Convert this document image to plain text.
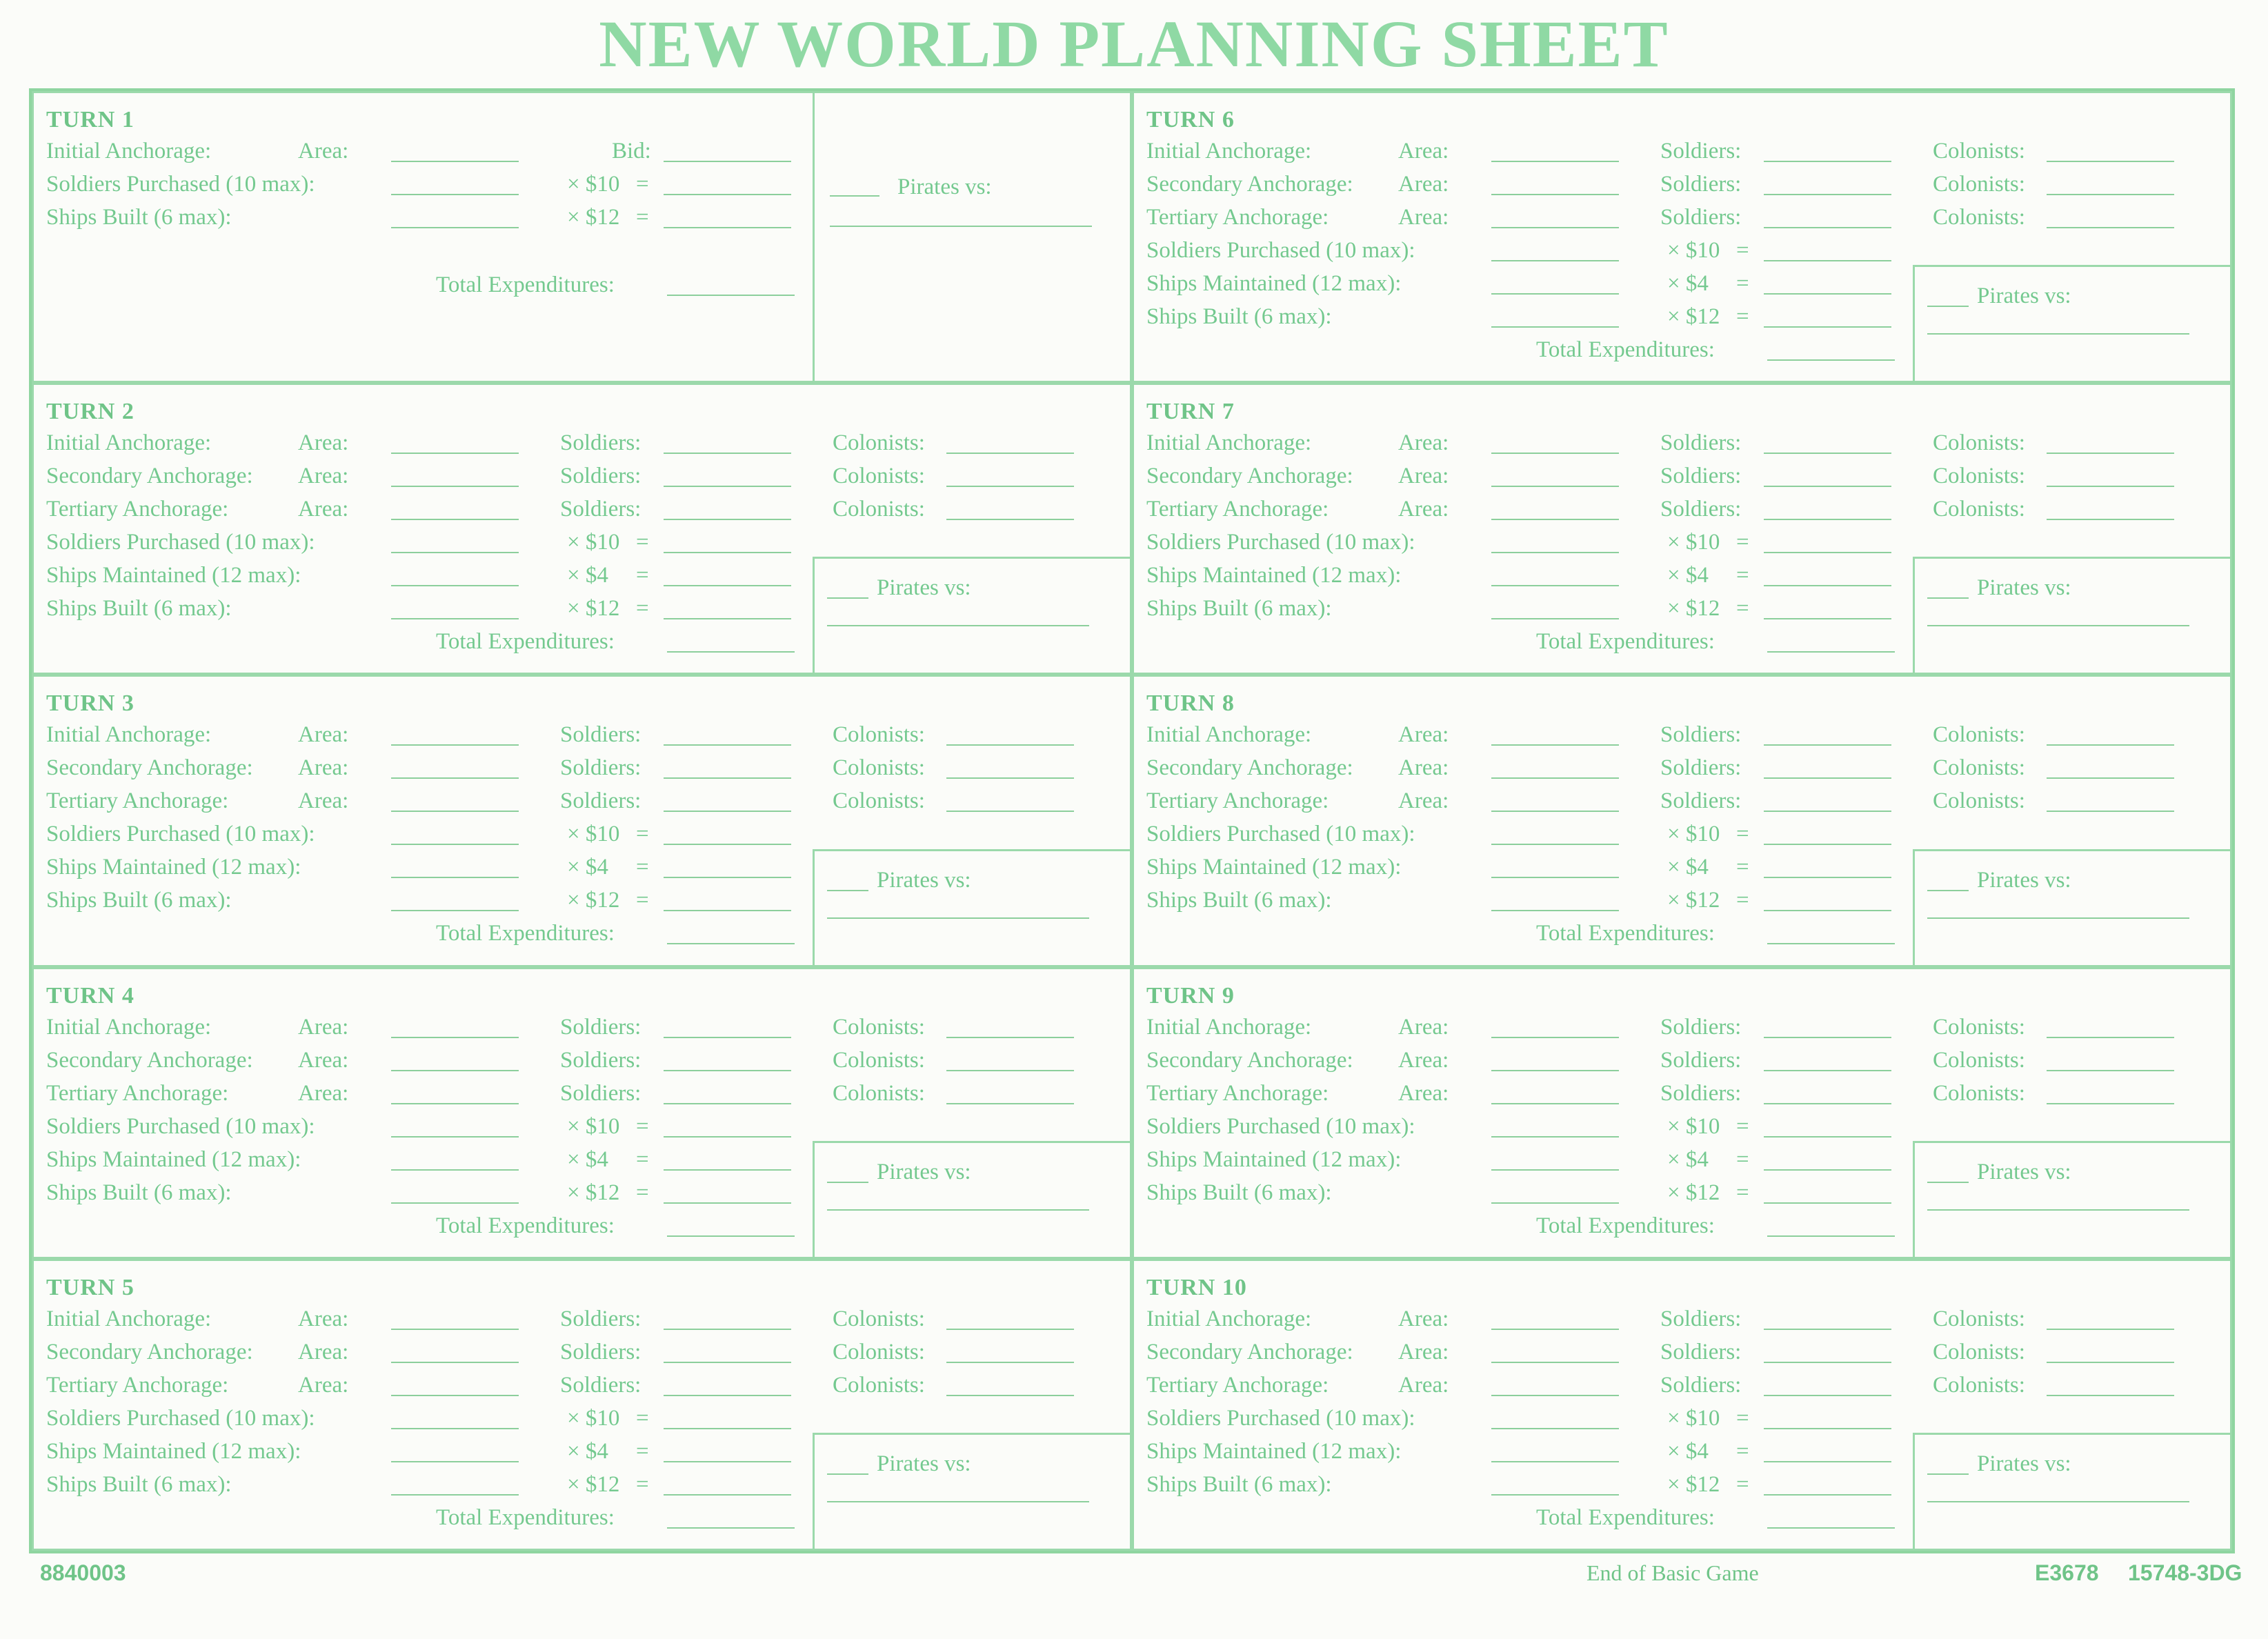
NEW WORLD PLANNING SHEET
TURN 1
Initial Anchorage:	Area:	Bid:
Soldiers Purchased (10 max):	× $10 =
Ships Built (6 max):	× $12 =
Total Expenditures:
Pirates vs:
TURN 6
Initial Anchorage:	Area:	Soldiers:	Colonists:
Secondary Anchorage: Area:	Soldiers:	Colonists:
Tertiary Anchorage:	Area:	Soldiers:	Colonists:
Soldiers Purchased (10 max):	× $10 =
Ships Maintained (12 max):	× $4 =
Ships Built (6 max):	× $12 =
Total Expenditures:
Pirates vs:
TURN 2
Initial Anchorage:	Area:	Soldiers:	Colonists:
Secondary Anchorage: Area:	Soldiers:	Colonists:
Tertiary Anchorage:	Area:	Soldiers:	Colonists:
Soldiers Purchased (10 max):	× $10 =
Ships Maintained (12 max):	× $4 =
Ships Built (6 max):	× $12 =
Total Expenditures:
Pirates vs:
TURN 7
Initial Anchorage:	Area:	Soldiers:	Colonists:
Secondary Anchorage: Area:	Soldiers:	Colonists:
Tertiary Anchorage:	Area:	Soldiers:	Colonists:
Soldiers Purchased (10 max):	× $10 =
Ships Maintained (12 max):	× $4 =
Ships Built (6 max):	× $12 =
Total Expenditures:
Pirates vs:
TURN 3
Initial Anchorage:	Area:	Soldiers:	Colonists:
Secondary Anchorage: Area:	Soldiers:	Colonists:
Tertiary Anchorage:	Area:	Soldiers:	Colonists:
Soldiers Purchased (10 max):	× $10 =
Ships Maintained (12 max):	× $4 =
Ships Built (6 max):	× $12 =
Total Expenditures:
Pirates vs:
TURN 8
Initial Anchorage:	Area:	Soldiers:	Colonists:
Secondary Anchorage: Area:	Soldiers:	Colonists:
Tertiary Anchorage:	Area:	Soldiers:	Colonists:
Soldiers Purchased (10 max):	× $10 =
Ships Maintained (12 max):	× $4 =
Ships Built (6 max):	× $12 =
Total Expenditures:
Pirates vs:
TURN 4
Initial Anchorage:	Area:	Soldiers:	Colonists:
Secondary Anchorage: Area:	Soldiers:	Colonists:
Tertiary Anchorage:	Area:	Soldiers:	Colonists:
Soldiers Purchased (10 max):	× $10 =
Ships Maintained (12 max):	× $4 =
Ships Built (6 max):	× $12 =
Total Expenditures:
Pirates vs:
TURN 9
Initial Anchorage:	Area:	Soldiers:	Colonists:
Secondary Anchorage: Area:	Soldiers:	Colonists:
Tertiary Anchorage:	Area:	Soldiers:	Colonists:
Soldiers Purchased (10 max):	× $10 =
Ships Maintained (12 max):	× $4 =
Ships Built (6 max):	× $12 =
Total Expenditures:
Pirates vs:
TURN 5
Initial Anchorage:	Area:	Soldiers:	Colonists:
Secondary Anchorage: Area:	Soldiers:	Colonists:
Tertiary Anchorage:	Area:	Soldiers:	Colonists:
Soldiers Purchased (10 max):	× $10 =
Ships Maintained (12 max):	× $4 =
Ships Built (6 max):	× $12 =
Total Expenditures:
Pirates vs:
TURN 10
Initial Anchorage:	Area:	Soldiers:	Colonists:
Secondary Anchorage: Area:	Soldiers:	Colonists:
Tertiary Anchorage:	Area:	Soldiers:	Colonists:
Soldiers Purchased (10 max):	× $10 =
Ships Maintained (12 max):	× $4 =
Ships Built (6 max):	× $12 =
Total Expenditures:
Pirates vs:
8840003	End of Basic Game	E3678 15748-3DG
